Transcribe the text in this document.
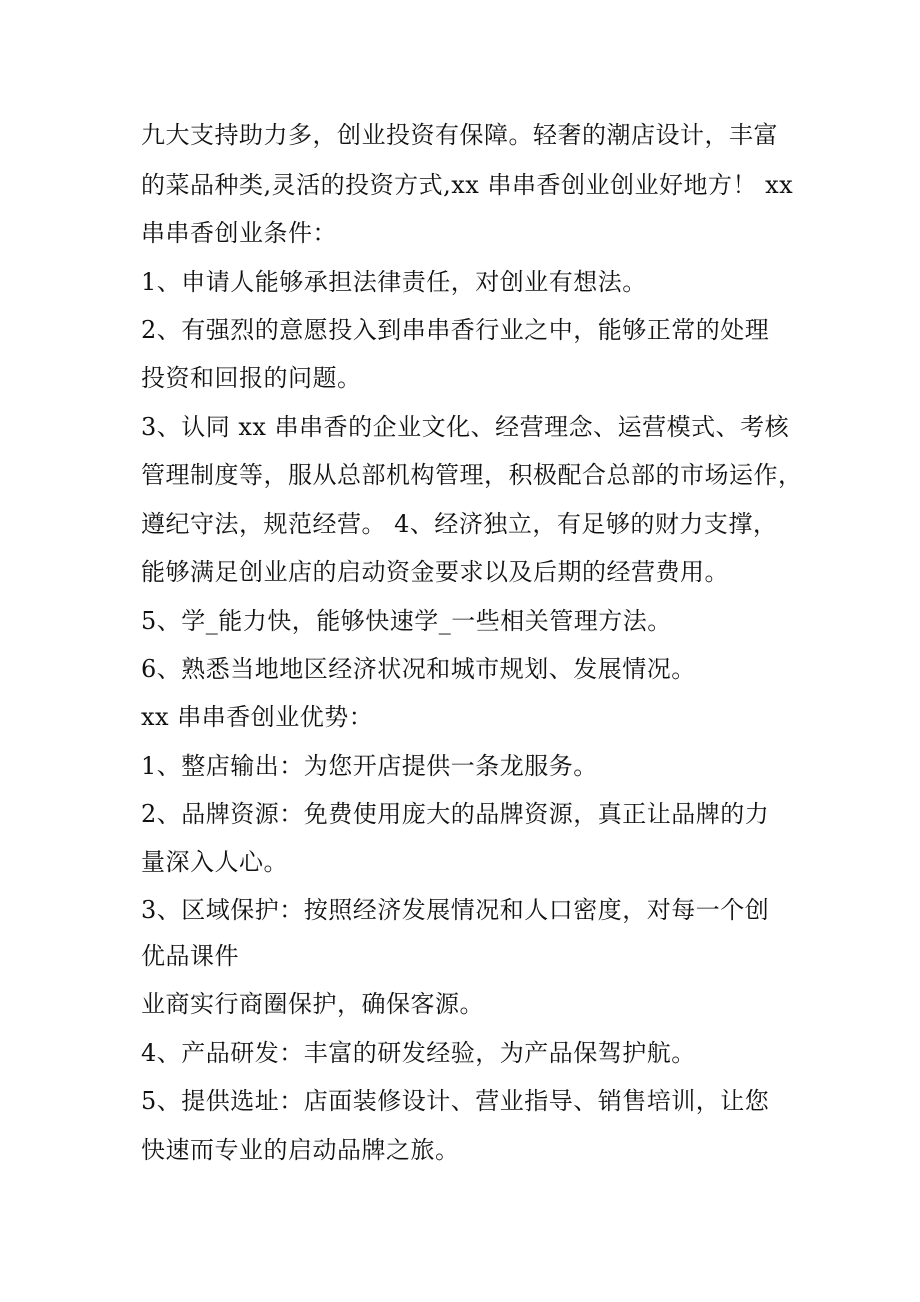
九大支持助力多，创业投资有保障。轻奢的潮店设计，丰富
的菜品种类,灵活的投资方式,xx 串串香创业创业好地方！ xx
串串香创业条件：
1、申请人能够承担法律责任，对创业有想法。
2、有强烈的意愿投入到串串香行业之中，能够正常的处理
投资和回报的问题。
3、认同 xx 串串香的企业文化、经营理念、运营模式、考核
管理制度等，服从总部机构管理，积极配合总部的市场运作，
遵纪守法，规范经营。 4、经济独立，有足够的财力支撑，
能够满足创业店的启动资金要求以及后期的经营费用。
5、学_能力快，能够快速学_一些相关管理方法。
6、熟悉当地地区经济状况和城市规划、发展情况。
xx 串串香创业优势：
1、整店输出：为您开店提供一条龙服务。
2、品牌资源：免费使用庞大的品牌资源，真正让品牌的力
量深入人心。
3、区域保护：按照经济发展情况和人口密度，对每一个创
优品课件
业商实行商圈保护，确保客源。
4、产品研发：丰富的研发经验，为产品保驾护航。
5、提供选址：店面装修设计、营业指导、销售培训，让您
快速而专业的启动品牌之旅。
